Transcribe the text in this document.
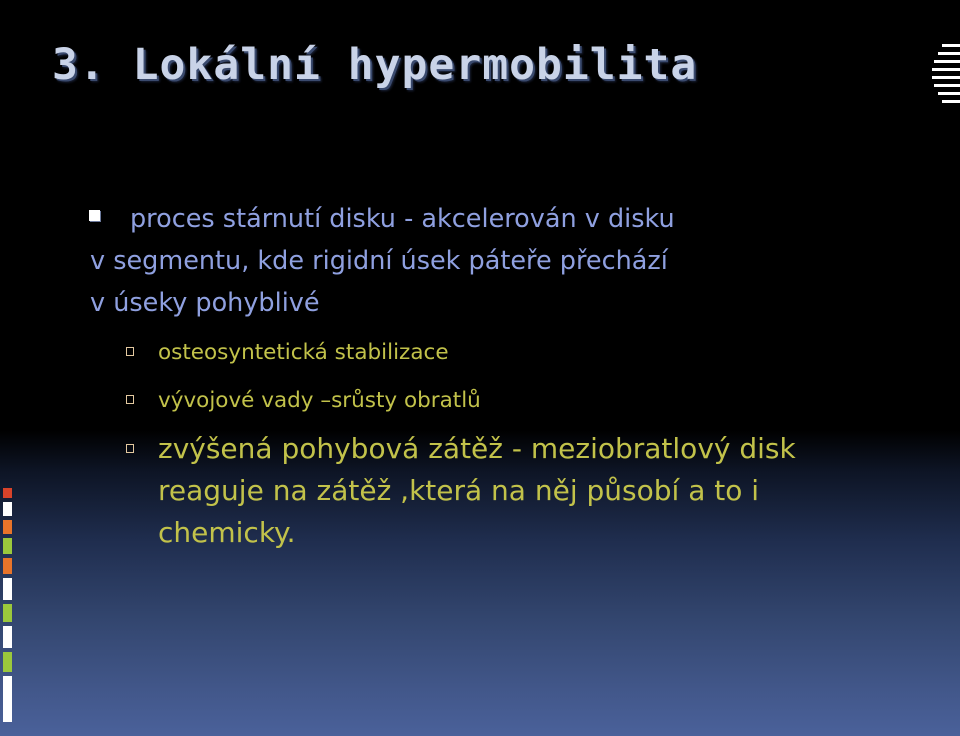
3. Lokální hypermobilita
proces stárnutí disku - akcelerován v disku
v segmentu, kde rigidní úsek páteře přechází
v úseky pohyblivé
osteosyntetická stabilizace
vývojové vady –srůsty obratlů
zvýšená pohybová zátěž - meziobratlový disk reaguje na zátěž ,která na něj působí a to i chemicky.
